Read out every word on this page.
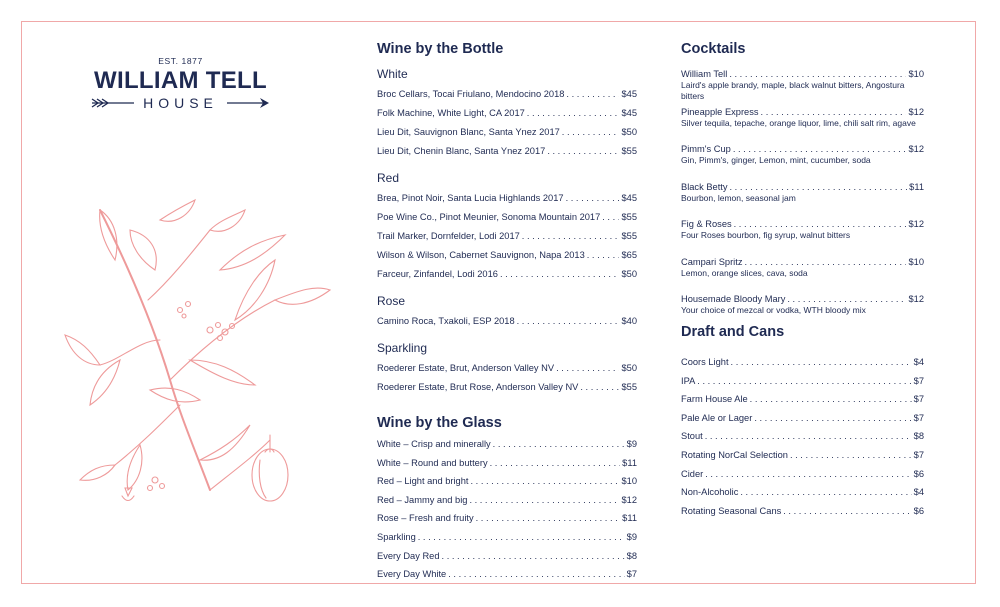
EST. 1877
WILLIAM TELL
HOUSE
Wine by the Bottle
White
Broc Cellars, Tocai Friulano, Mendocino 2018 . . .	$45
Folk Machine, White Light, CA 2017 . . .	$45
Lieu Dit, Sauvignon Blanc, Santa Ynez 2017 . . .	$50
Lieu Dit, Chenin Blanc, Santa Ynez 2017 . . .	$55
Red
Brea, Pinot Noir, Santa Lucia Highlands 2017 . . .	$45
Poe Wine Co., Pinot Meunier, Sonoma Mountain 2017 . . . $55
Trail Marker, Dornfelder, Lodi 2017 . . .	$55
Wilson & Wilson, Cabernet Sauvignon, Napa 2013 . . .	$65
Farceur, Zinfandel, Lodi 2016 . . .	$50
Rose
Camino Roca, Txakoli, ESP 2018 . . .	$40
Sparkling
Roederer Estate, Brut, Anderson Valley NV . . .	$50
Roederer Estate, Brut Rose, Anderson Valley NV . . .	$55
Wine by the Glass
White – Crisp and minerally . . .	$9
White – Round and buttery . . .	$11
Red – Light and bright . . .	$10
Red – Jammy and big . . .	$12
Rose – Fresh and fruity . . .	$11
Sparkling . . .	$9
Every Day Red . . .	$8
Every Day White . . .	$7
Cocktails
William Tell . . .	$10
Laird's apple brandy, maple, black walnut bitters, Angostura bitters
Pineapple Express . . .	$12
Silver tequila, tepache, orange liquor, lime, chili salt rim, agave
Pimm's Cup . . .	$12
Gin, Pimm's, ginger, Lemon, mint, cucumber, soda
Black Betty . . .	$11
Bourbon, lemon, seasonal jam
Fig & Roses . . .	$12
Four Roses bourbon, fig syrup, walnut bitters
Campari Spritz . . .	$10
Lemon, orange slices, cava, soda
Housemade Bloody Mary . . .	$12
Your choice of mezcal or vodka, WTH bloody mix
Draft and Cans
Coors Light . . .	$4
IPA . . .	$7
Farm House Ale . . .	$7
Pale Ale or Lager . . .	$7
Stout . . .	$8
Rotating NorCal Selection . . .	$7
Cider . . .	$6
Non-Alcoholic . . .	$4
Rotating Seasonal Cans . . .	$6
